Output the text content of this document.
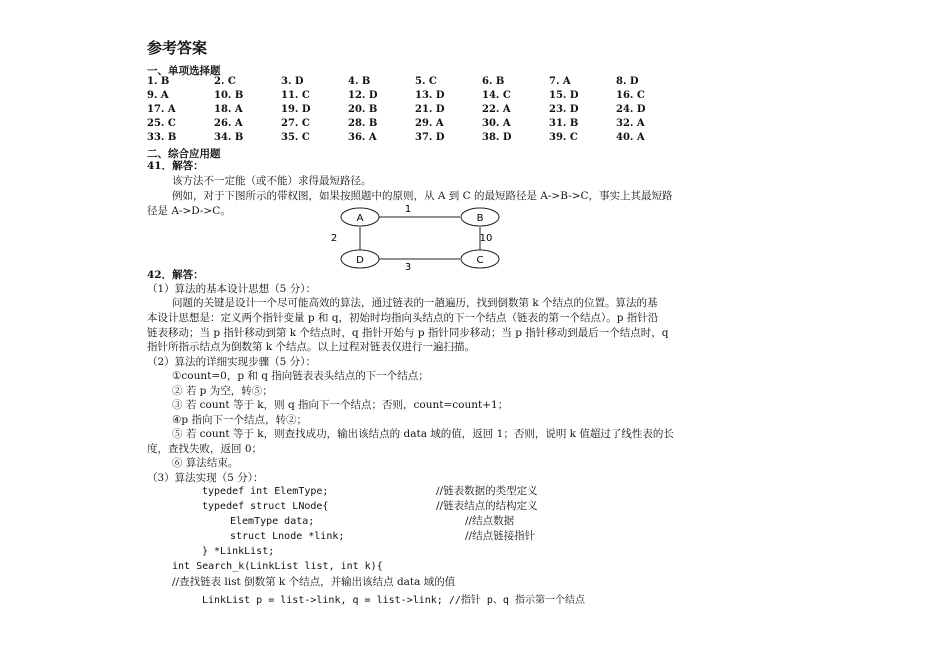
参考答案
一、单项选择题
1. B	2. C	3. D	4. B	5. C	6. B	7. A	8. D
9. A	10. B	11. C	12. D	13. D	14. C	15. D	16. C
17. A	18. A	19. D	20. B	21. D	22. A	23. D	24. D
25. C	26. A	27. C	28. B	29. A	30. A	31. B	32. A
33. B	34. B	35. C	36. A	37. D	38. D	39. C	40. A
二、综合应用题
41．解答：
该方法不一定能（或不能）求得最短路径。
例如，对于下图所示的带权图，如果按照题中的原则，从 A 到 C 的最短路径是 A->B->C，事实上其最短路
径是 A->D->C。
A	B
D	C
1
2	10
3
42．解答：
（1）算法的基本设计思想（5 分）：
问题的关键是设计一个尽可能高效的算法，通过链表的一趟遍历，找到倒数第 k 个结点的位置。算法的基
本设计思想是：定义两个指针变量 p 和 q，初始时均指向头结点的下一个结点（链表的第一个结点）。p 指针沿
链表移动；当 p 指针移动到第 k 个结点时，q 指针开始与 p 指针同步移动；当 p 指针移动到最后一个结点时，q
指针所指示结点为倒数第 k 个结点。以上过程对链表仅进行一遍扫描。
（2）算法的详细实现步骤（5 分）：
①count=0，p 和 q 指向链表表头结点的下一个结点；
② 若 p 为空，转⑤；
③ 若 count 等于 k，则 q 指向下一个结点；否则，count=count+1；
④p 指向下一个结点，转②；
⑤ 若 count 等于 k，则查找成功，输出该结点的 data 域的值，返回 1；否则，说明 k 值超过了线性表的长
度，查找失败，返回 0；
⑥ 算法结束。
（3）算法实现（5 分）：
typedef int ElemType;	//链表数据的类型定义
typedef struct LNode{	//链表结点的结构定义
ElemType data;	//结点数据
struct Lnode *link;	//结点链接指针
} *LinkList;
int Search_k(LinkList list, int k){
//查找链表 list 倒数第 k 个结点，并输出该结点 data 域的值
LinkList p = list->link, q = list->link; //指针 p、q 指示第一个结点
